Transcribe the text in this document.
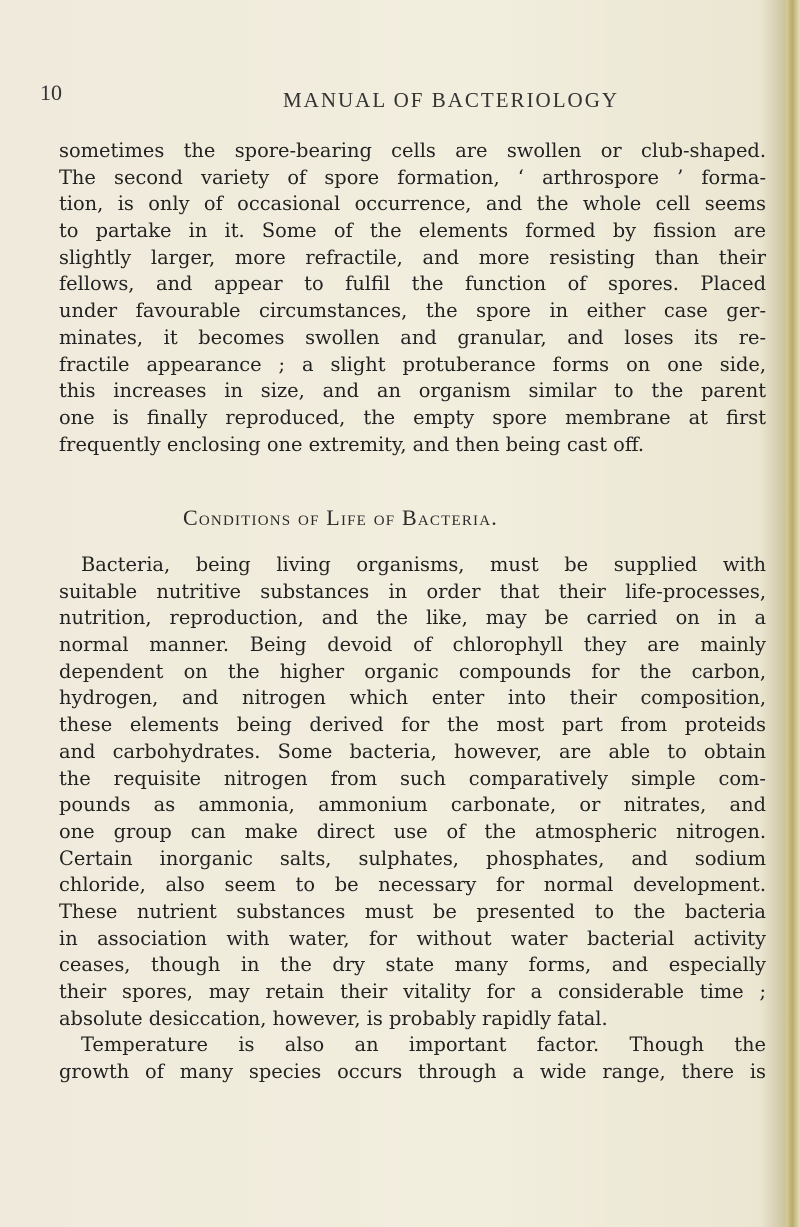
10	MANUAL OF BACTERIOLOGY
sometimes the spore-bearing cells are swollen or club-shaped.
The second variety of spore formation, ‘ arthrospore ’ forma-
tion, is only of occasional occurrence, and the whole cell seems
to partake in it. Some of the elements formed by fission are
slightly larger, more refractile, and more resisting than their
fellows, and appear to fulfil the function of spores. Placed
under favourable circumstances, the spore in either case ger-
minates, it becomes swollen and granular, and loses its re-
fractile appearance ; a slight protuberance forms on one side,
this increases in size, and an organism similar to the parent
one is finally reproduced, the empty spore membrane at first
frequently enclosing one extremity, and then being cast off.
Conditions of Life of Bacteria.
Bacteria, being living organisms, must be supplied with
suitable nutritive substances in order that their life-processes,
nutrition, reproduction, and the like, may be carried on in a
normal manner. Being devoid of chlorophyll they are mainly
dependent on the higher organic compounds for the carbon,
hydrogen, and nitrogen which enter into their composition,
these elements being derived for the most part from proteids
and carbohydrates. Some bacteria, however, are able to obtain
the requisite nitrogen from such comparatively simple com-
pounds as ammonia, ammonium carbonate, or nitrates, and
one group can make direct use of the atmospheric nitrogen.
Certain inorganic salts, sulphates, phosphates, and sodium
chloride, also seem to be necessary for normal development.
These nutrient substances must be presented to the bacteria
in association with water, for without water bacterial activity
ceases, though in the dry state many forms, and especially
their spores, may retain their vitality for a considerable time ;
absolute desiccation, however, is probably rapidly fatal.
Temperature is also an important factor. Though the
growth of many species occurs through a wide range, there is
